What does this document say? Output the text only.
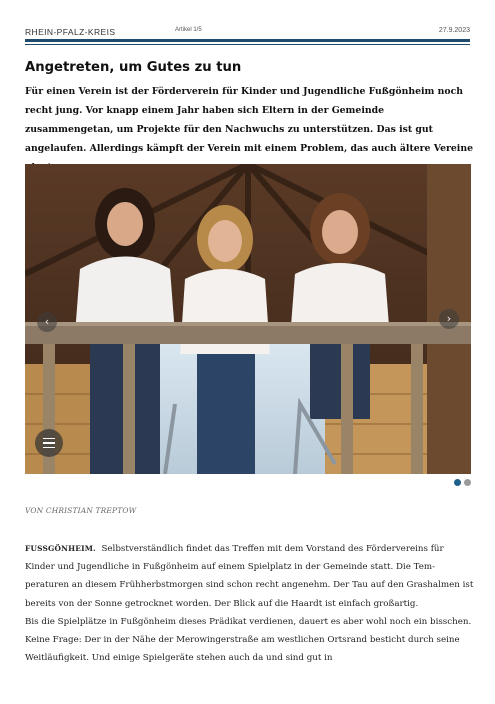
RHEIN-PFALZ-KREIS	Artikel 1/5	27.9.2023
Angetreten, um Gutes zu tun

Für einen Verein ist der Förderverein für Kinder und Jugendliche Fußgönheim noch recht jung. Vor knapp einem Jahr haben sich Eltern in der Gemeinde zusammengetan, um Projekte für den Nachwuchs zu unterstützen. Das ist gut angelaufen. Allerdings kämpft der Verein mit einem Problem, das auch ältere Vereine

‹	›
VON CHRISTIAN TREPTOW

FUSSGÖNHEIM. Selbstverständlich findet das Treffen mit dem Vorstand des Fördervereins für Kinder und Jugendliche in Fußgönheim auf einem Spielplatz in der Gemeinde statt. Die Temperaturen an diesem Frühherbstmorgen sind schon recht angenehm. Der Tau auf den Grashalmen ist bereits von der Sonne getrocknet worden. Der Blick auf die Haardt ist einfach großartig.

Bis die Spielplätze in Fußgönheim dieses Prädikat verdienen, dauert es aber wohl noch ein bisschen. Keine Frage: Der in der Nähe der Merowingerstraße am westlichen Ortsrand besticht durch seine Weitläufigkeit. Und einige Spielgeräte stehen auch da und sind gut in
